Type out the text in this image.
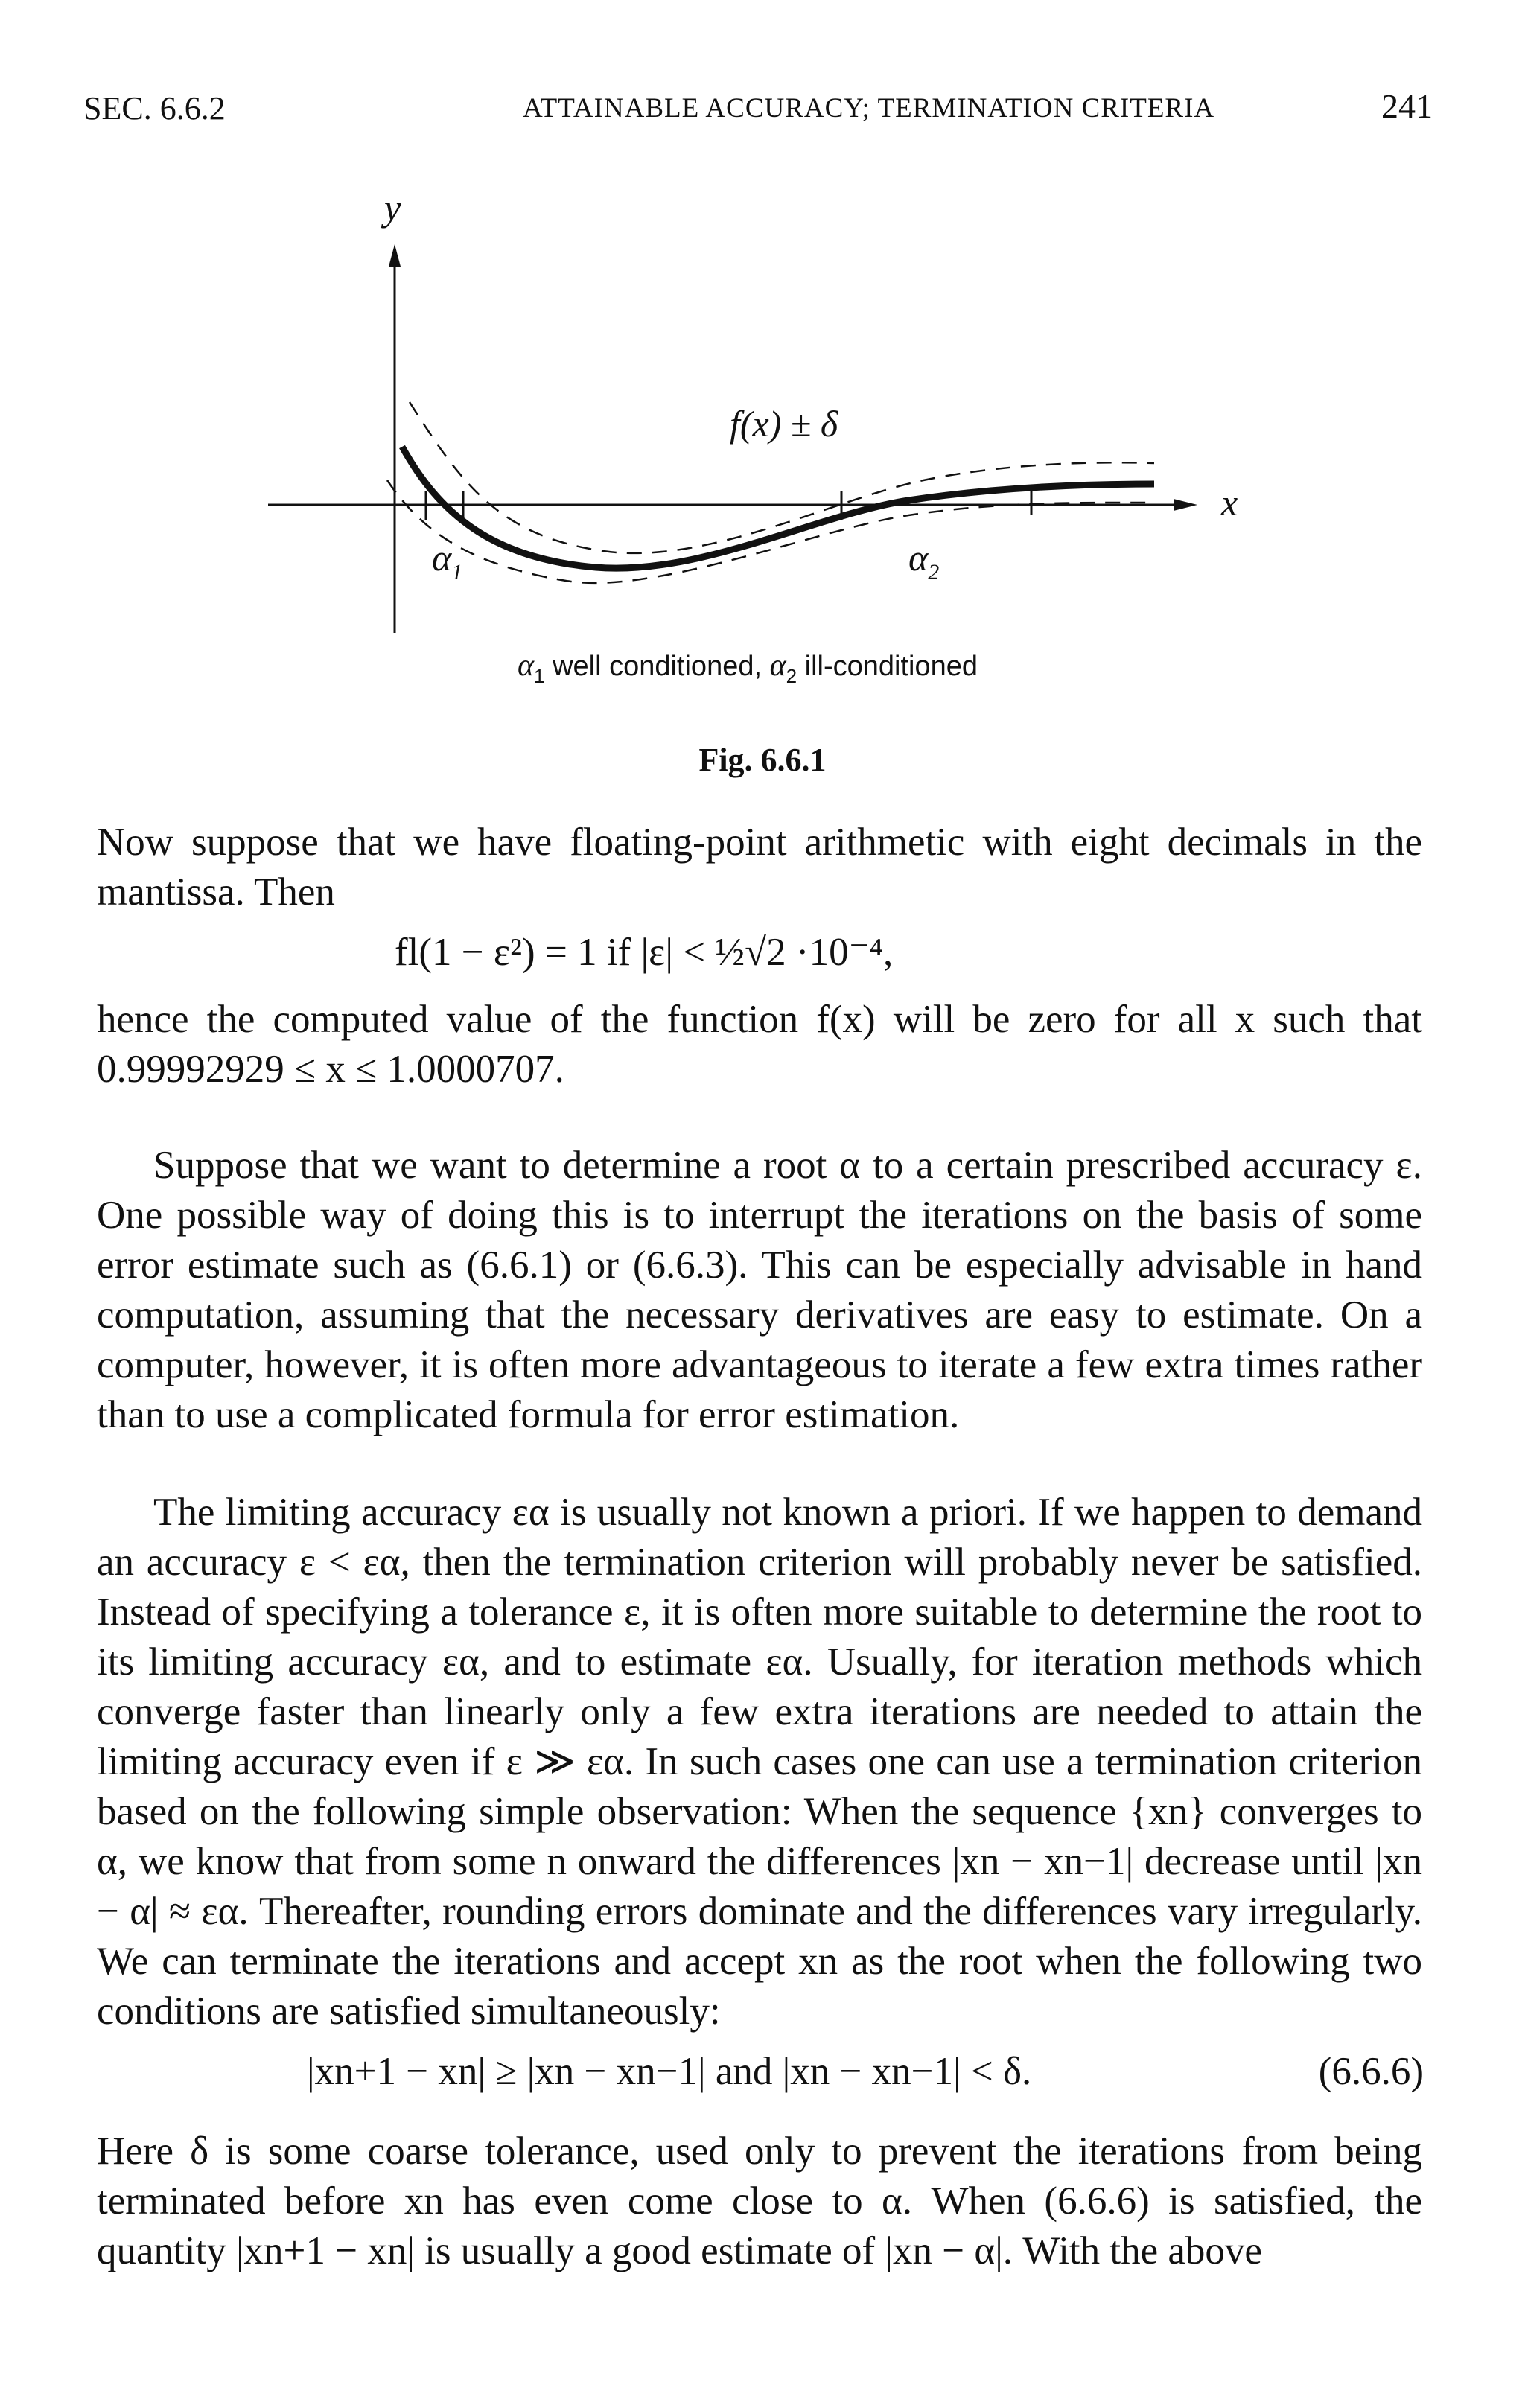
SEC. 6.6.2	ATTAINABLE ACCURACY; TERMINATION CRITERIA	241
y
x
f(x) ± δ
$\alpha_1$	$\alpha_2$
$\alpha_1$ well conditioned, $\alpha_2$ ill-conditioned
Fig. 6.6.1
Now suppose that we have floating-point arithmetic with eight decimals in the mantissa. Then
fl(1 − ε²) = 1 if |ε| < ½√2 ·10⁻⁴,
hence the computed value of the function f(x) will be zero for all x such that 0.99992929 ≤ x ≤ 1.0000707.
Suppose that we want to determine a root α to a certain prescribed accuracy ε. One possible way of doing this is to interrupt the iterations on the basis of some error estimate such as (6.6.1) or (6.6.3). This can be especially advisable in hand computation, assuming that the necessary derivatives are easy to estimate. On a computer, however, it is often more advantageous to iterate a few extra times rather than to use a complicated formula for error estimation.
The limiting accuracy εα is usually not known a priori. If we happen to demand an accuracy ε < εα, then the termination criterion will probably never be satisfied. Instead of specifying a tolerance ε, it is often more suitable to determine the root to its limiting accuracy εα, and to estimate εα. Usually, for iteration methods which converge faster than linearly only a few extra iterations are needed to attain the limiting accuracy even if ε ≫ εα. In such cases one can use a termination criterion based on the following simple observation: When the sequence {xn} converges to α, we know that from some n onward the differences |xn − xn−1| decrease until |xn − α| ≈ εα. Thereafter, rounding errors dominate and the differences vary irregularly. We can terminate the iterations and accept xn as the root when the following two conditions are satisfied simultaneously:
|xn+1 − xn| ≥ |xn − xn−1| and |xn − xn−1| < δ.	(6.6.6)
Here δ is some coarse tolerance, used only to prevent the iterations from being terminated before xn has even come close to α. When (6.6.6) is satisfied, the quantity |xn+1 − xn| is usually a good estimate of |xn − α|. With the above
